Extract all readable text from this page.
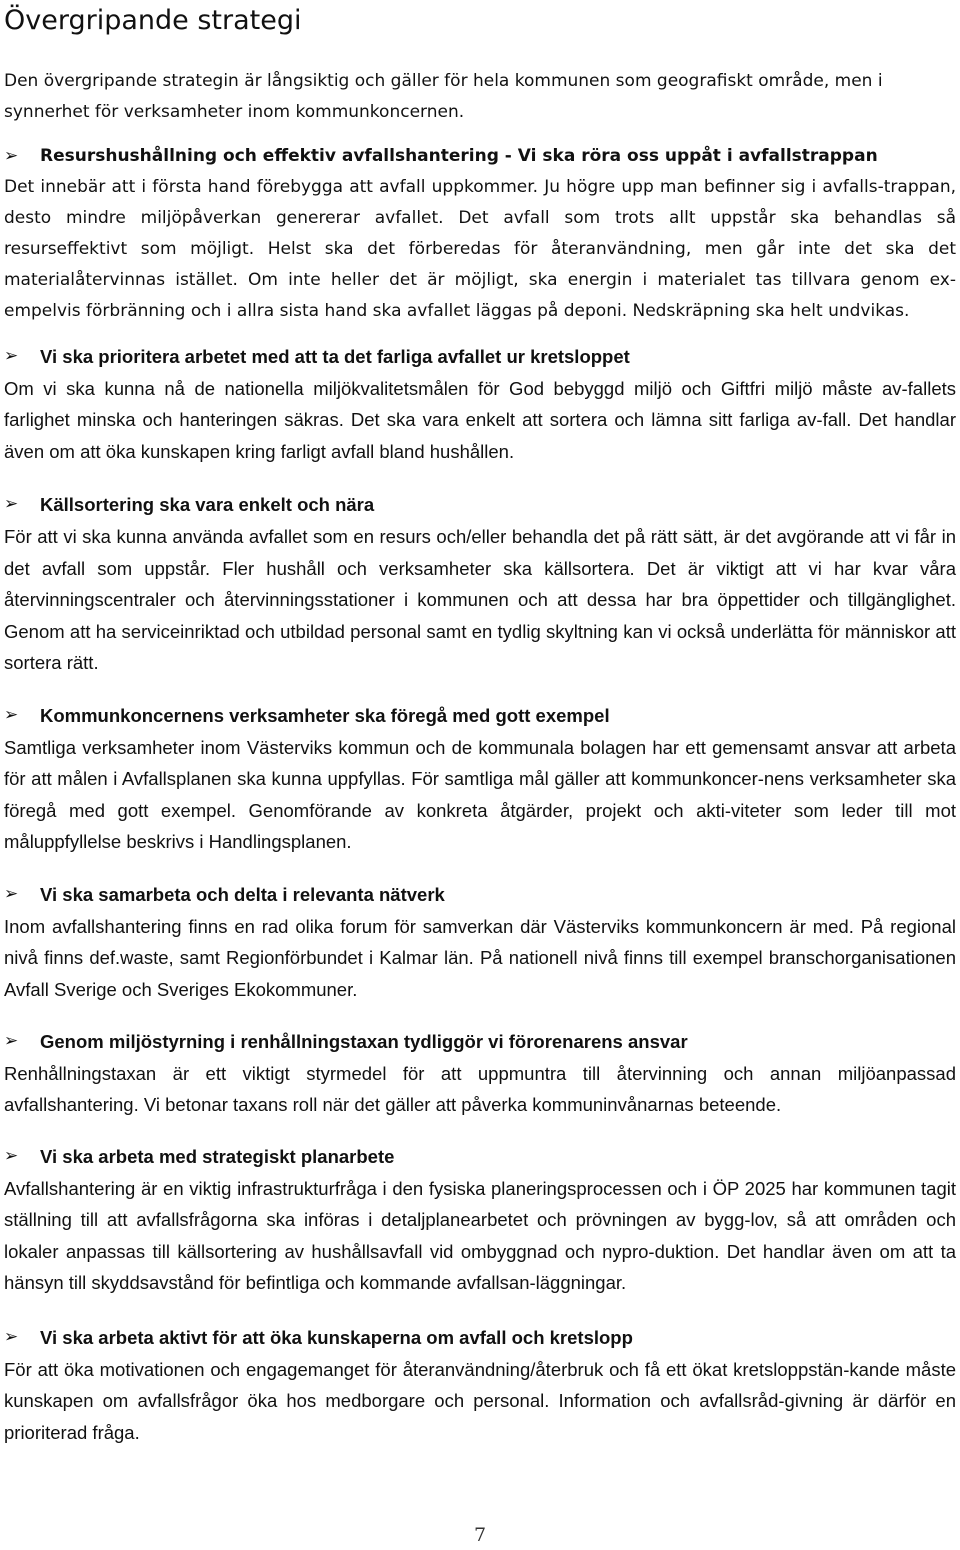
Övergripande strategi

Den övergripande strategin är långsiktig och gäller för hela kommunen som geografiskt område, men i synnerhet för verksamheter inom kommunkoncernen.

➢	Resurshushållning och effektiv avfallshantering - Vi ska röra oss uppåt i avfallstrappan

Det innebär att i första hand förebygga att avfall uppkommer. Ju högre upp man befinner sig i avfalls-trappan, desto mindre miljöpåverkan genererar avfallet. Det avfall som trots allt uppstår ska behandlas så resurseffektivt som möjligt. Helst ska det förberedas för återanvändning, men går inte det ska det materialåtervinnas istället. Om inte heller det är möjligt, ska energin i materialet tas tillvara genom ex-empelvis förbränning och i allra sista hand ska avfallet läggas på deponi. Nedskräpning ska helt undvikas.

➢	Vi ska prioritera arbetet med att ta det farliga avfallet ur kretsloppet

Om vi ska kunna nå de nationella miljökvalitetsmålen för God bebyggd miljö och Giftfri miljö måste av-fallets farlighet minska och hanteringen säkras. Det ska vara enkelt att sortera och lämna sitt farliga av-fall. Det handlar även om att öka kunskapen kring farligt avfall bland hushållen.

➢	Källsortering ska vara enkelt och nära

För att vi ska kunna använda avfallet som en resurs och/eller behandla det på rätt sätt, är det avgörande att vi får in det avfall som uppstår. Fler hushåll och verksamheter ska källsortera. Det är viktigt att vi har kvar våra återvinningscentraler och återvinningsstationer i kommunen och att dessa har bra öppettider och tillgänglighet. Genom att ha serviceinriktad och utbildad personal samt en tydlig skyltning kan vi också underlätta för människor att sortera rätt.

➢	Kommunkoncernens verksamheter ska föregå med gott exempel

Samtliga verksamheter inom Västerviks kommun och de kommunala bolagen har ett gemensamt ansvar att arbeta för att målen i Avfallsplanen ska kunna uppfyllas. För samtliga mål gäller att kommunkoncer-nens verksamheter ska föregå med gott exempel. Genomförande av konkreta åtgärder, projekt och akti-viteter som leder till mot måluppfyllelse beskrivs i Handlingsplanen.

➢	Vi ska samarbeta och delta i relevanta nätverk

Inom avfallshantering finns en rad olika forum för samverkan där Västerviks kommunkoncern är med. På regional nivå finns def.waste, samt Regionförbundet i Kalmar län. På nationell nivå finns till exempel branschorganisationen Avfall Sverige och Sveriges Ekokommuner.

➢	Genom miljöstyrning i renhållningstaxan tydliggör vi förorenarens ansvar

Renhållningstaxan är ett viktigt styrmedel för att uppmuntra till återvinning och annan miljöanpassad avfallshantering. Vi betonar taxans roll när det gäller att påverka kommuninvånarnas beteende.

➢	Vi ska arbeta med strategiskt planarbete

Avfallshantering är en viktig infrastrukturfråga i den fysiska planeringsprocessen och i ÖP 2025 har kommunen tagit ställning till att avfallsfrågorna ska införas i detaljplanearbetet och prövningen av bygg-lov, så att områden och lokaler anpassas till källsortering av hushållsavfall vid ombyggnad och nypro-duktion. Det handlar även om att ta hänsyn till skyddsavstånd för befintliga och kommande avfallsan-läggningar.

➢	Vi ska arbeta aktivt för att öka kunskaperna om avfall och kretslopp

För att öka motivationen och engagemanget för återanvändning/återbruk och få ett ökat kretsloppstän-kande måste kunskapen om avfallsfrågor öka hos medborgare och personal. Information och avfallsråd-givning är därför en prioriterad fråga.

7
